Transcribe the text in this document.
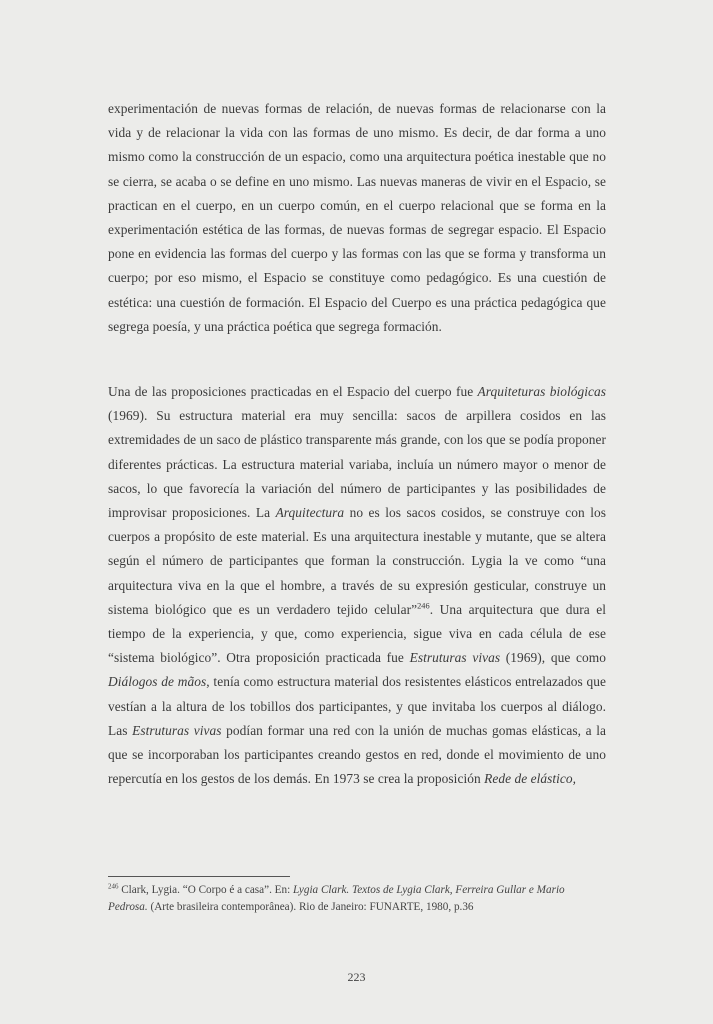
experimentación de nuevas formas de relación, de nuevas formas de relacionarse con la vida y de relacionar la vida con las formas de uno mismo. Es decir, de dar forma a uno mismo como la construcción de un espacio, como una arquitectura poética inestable que no se cierra, se acaba o se define en uno mismo. Las nuevas maneras de vivir en el Espacio, se practican en el cuerpo, en un cuerpo común, en el cuerpo relacional que se forma en la experimentación estética de las formas, de nuevas formas de segregar espacio. El Espacio pone en evidencia las formas del cuerpo y las formas con las que se forma y transforma un cuerpo; por eso mismo, el Espacio se constituye como pedagógico. Es una cuestión de estética: una cuestión de formación. El Espacio del Cuerpo es una práctica pedagógica que segrega poesía, y una práctica poética que segrega formación.

Una de las proposiciones practicadas en el Espacio del cuerpo fue Arquiteturas biológicas (1969). Su estructura material era muy sencilla: sacos de arpillera cosidos en las extremidades de un saco de plástico transparente más grande, con los que se podía proponer diferentes prácticas. La estructura material variaba, incluía un número mayor o menor de sacos, lo que favorecía la variación del número de participantes y las posibilidades de improvisar proposiciones. La Arquitectura no es los sacos cosidos, se construye con los cuerpos a propósito de este material. Es una arquitectura inestable y mutante, que se altera según el número de participantes que forman la construcción. Lygia la ve como “una arquitectura viva en la que el hombre, a través de su expresión gesticular, construye un sistema biológico que es un verdadero tejido celular”$^{246}$. Una arquitectura que dura el tiempo de la experiencia, y que, como experiencia, sigue viva en cada célula de ese “sistema biológico”. Otra proposición practicada fue Estruturas vivas (1969), que como Diálogos de mãos, tenía como estructura material dos resistentes elásticos entrelazados que vestían a la altura de los tobillos dos participantes, y que invitaba los cuerpos al diálogo. Las Estruturas vivas podían formar una red con la unión de muchas gomas elásticas, a la que se incorporaban los participantes creando gestos en red, donde el movimiento de uno repercutía en los gestos de los demás. En 1973 se crea la proposición Rede de elástico,

$^{246}$ Clark, Lygia. “O Corpo é a casa”. En: Lygia Clark. Textos de Lygia Clark, Ferreira Gullar e Mario Pedrosa. (Arte brasileira contemporânea). Rio de Janeiro: FUNARTE, 1980, p.36
223
